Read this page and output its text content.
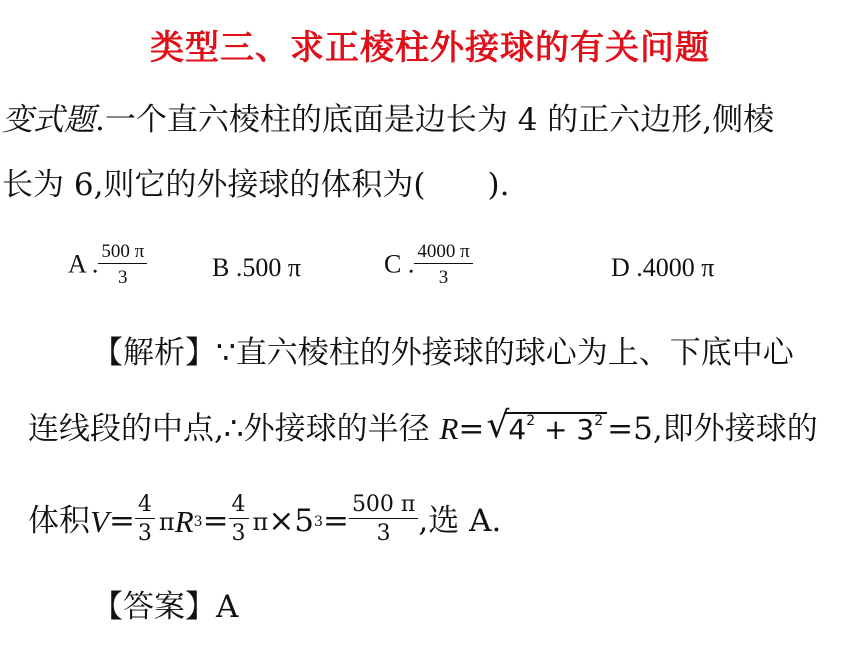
类型三、求正棱柱外接球的有关问题
变式题.一个直六棱柱的底面是边长为 4 的正六边形,侧棱
长为 6,则它的外接球的体积为(　　).
A . $\frac{500 \pi}{3}$ B .500 π	C . $\frac{4000 \pi}{3}$	D .4000 π
【解析】∵直六棱柱的外接球的球心为上、下底中心
连线段的中点,∴外接球的半径 R= √ $4^2 + 3^2 =5$,即外接球的
体积 $V = \frac{4}{3}$ π R $3 = \frac{4}{3}$ π ×5 $3 = \frac{500 \pi}{3}$ ,选 A.
【答案】A
